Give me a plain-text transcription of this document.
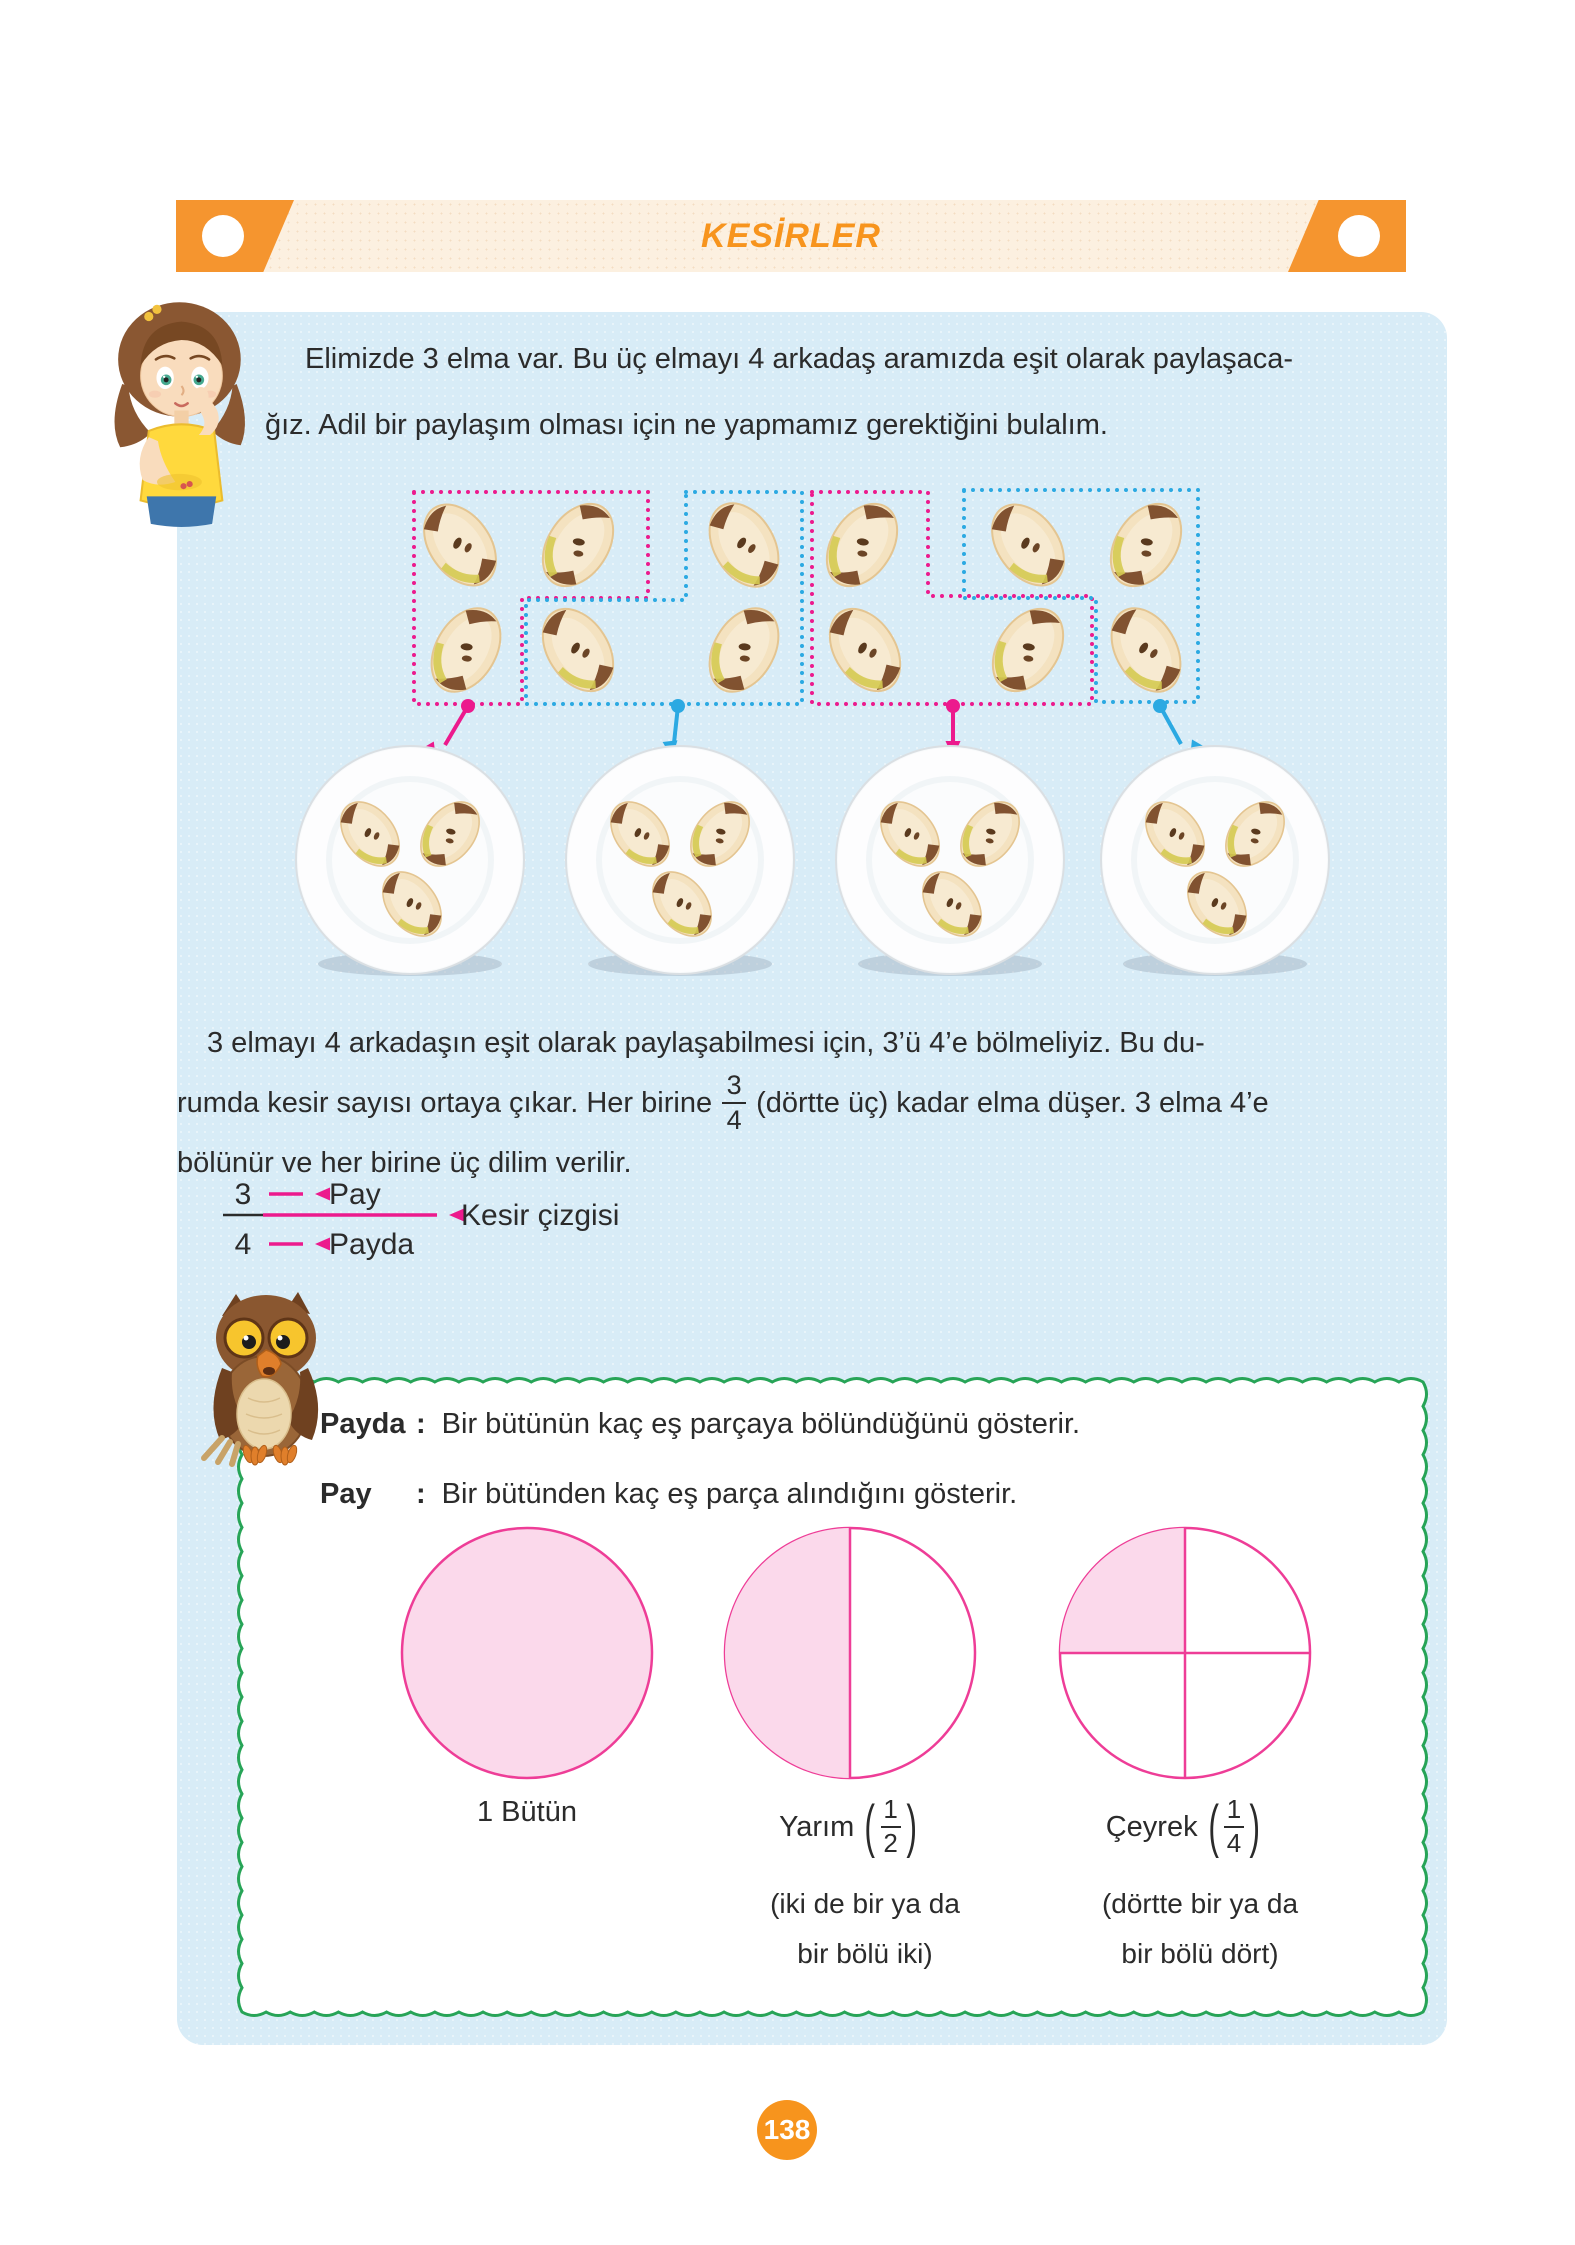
KESİRLER
Elimizde 3 elma var. Bu üç elmayı 4 arkadaş aramızda eşit olarak paylaşaca-
ğız. Adil bir paylaşım olması için ne yapmamız gerektiğini bulalım.
3 elmayı 4 arkadaşın eşit olarak paylaşabilmesi için, 3’ü 4’e bölmeliyiz. Bu du-
rumda kesir sayısı ortaya çıkar. Her birine
3
4
(dörtte üç) kadar elma düşer. 3 elma 4’e
bölünür ve her birine üç dilim verilir.
3
4
Pay
Payda
Kesir çizgisi
Payda : Bir bütünün kaç eş parçaya bölündüğünü gösterir.
Pay	: Bir bütünden kaç eş parça alındığını gösterir.
1 Bütün	Yarım ( 1
2 )
(iki de bir ya da
bir bölü iki)
Çeyrek ( 1
4 )
(dörtte bir ya da
bir bölü dört)
138
